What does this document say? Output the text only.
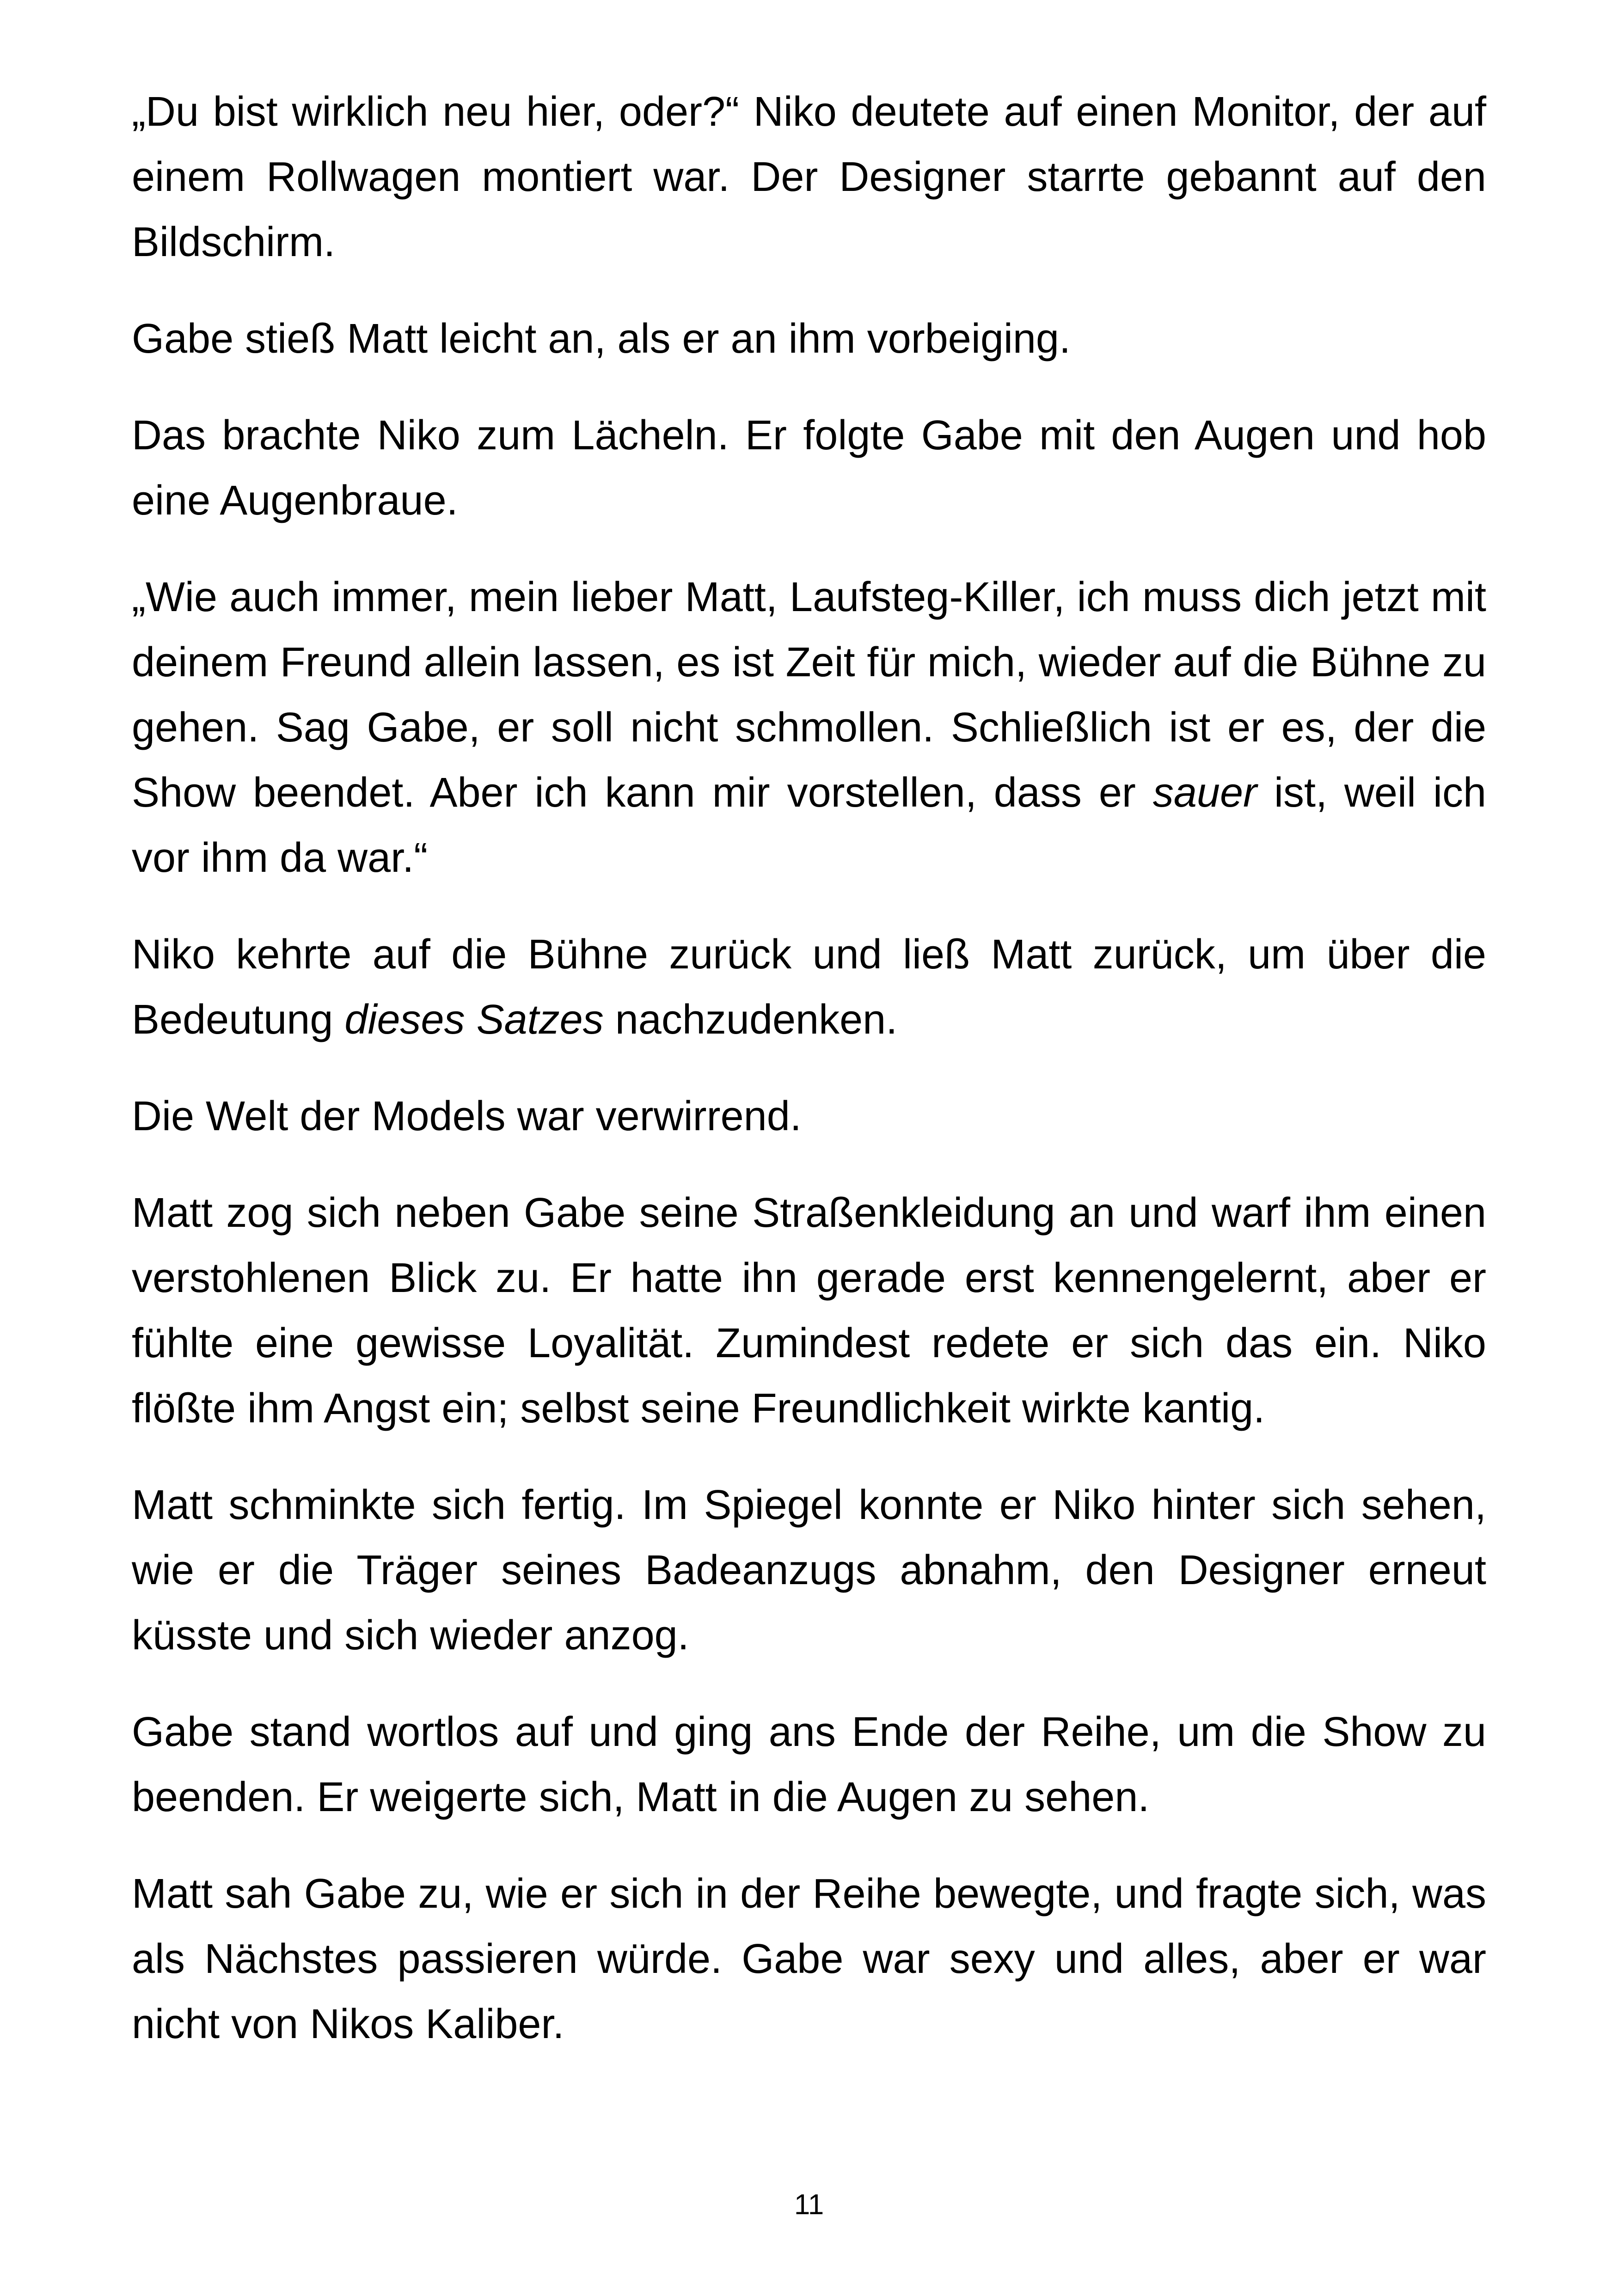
„Du bist wirklich neu hier, oder?“ Niko deutete auf einen Monitor, der auf einem Rollwagen montiert war. Der Designer starrte gebannt auf den Bildschirm.

Gabe stieß Matt leicht an, als er an ihm vorbeiging.

Das brachte Niko zum Lächeln. Er folgte Gabe mit den Augen und hob eine Augenbraue.

„Wie auch immer, mein lieber Matt, Laufsteg-Killer, ich muss dich jetzt mit deinem Freund allein lassen, es ist Zeit für mich, wieder auf die Bühne zu gehen. Sag Gabe, er soll nicht schmollen. Schließlich ist er es, der die Show beendet. Aber ich kann mir vorstellen, dass er sauer ist, weil ich vor ihm da war.“

Niko kehrte auf die Bühne zurück und ließ Matt zurück, um über die Bedeutung dieses Satzes nachzudenken.

Die Welt der Models war verwirrend.

Matt zog sich neben Gabe seine Straßenkleidung an und warf ihm einen verstohlenen Blick zu. Er hatte ihn gerade erst kennengelernt, aber er fühlte eine gewisse Loyalität. Zumindest redete er sich das ein. Niko flößte ihm Angst ein; selbst seine Freundlichkeit wirkte kantig.

Matt schminkte sich fertig. Im Spiegel konnte er Niko hinter sich sehen, wie er die Träger seines Badeanzugs abnahm, den Designer erneut küsste und sich wieder anzog.

Gabe stand wortlos auf und ging ans Ende der Reihe, um die Show zu beenden. Er weigerte sich, Matt in die Augen zu sehen.

Matt sah Gabe zu, wie er sich in der Reihe bewegte, und fragte sich, was als Nächstes passieren würde. Gabe war sexy und alles, aber er war nicht von Nikos Kaliber.

11
